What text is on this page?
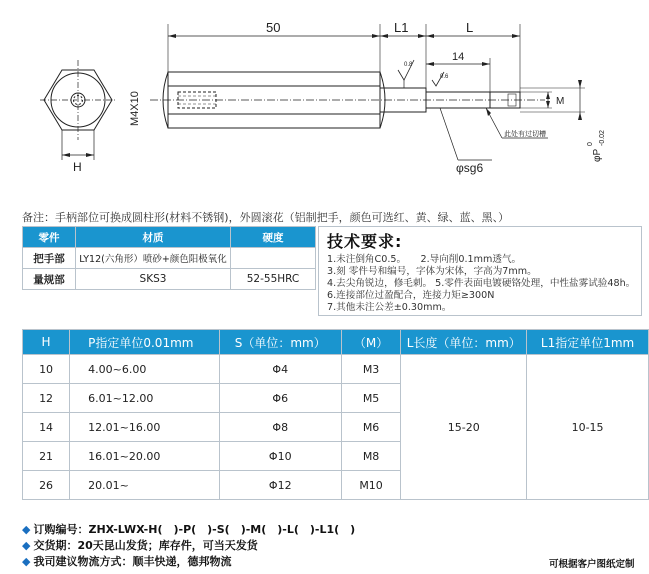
50	L1	L
14
H
M4X10	M
φsg6
φP
0 -0.02
0.8
0.6
此处有过切槽
备注：手柄部位可换成圆柱形(材料不锈钢)，外圆滚花（铝制把手，颜色可选红、黄、绿、蓝、黑、）
零件	材质	硬度
把手部	LY12(六角形）喷砂+颜色阳极氧化	
量规部	SKS3	52-55HRC
技术要求:
1.未注倒角C0.5。　　2.导向削0.1mm透气。
3.刻 零件号和编号，字体为宋体，字高为7mm。
4.去尖角锐边，修毛刺。 5.零件表面电镀硬铬处理，中性盐雾试验48h。
6.连接部位过盈配合，连接力矩≥300N
7.其他未注公差±0.30mm。
H	P指定单位0.01mm	S（单位：mm）	（M）	L长度（单位：mm）	L1指定单位1mm
10	4.00~6.00	Φ4	M3	15-20	10-15
12	6.01~12.00	Φ6	M5		
14	12.01~16.00	Φ8	M6		
21	16.01~20.00	Φ10	M8		
26	20.01~	Φ12	M10		
◆ 订购编号：ZHX-LWX-H(　)-P(　)-S(　)-M(　)-L(　)-L1(　)
◆ 交货期：20天昆山发货；库存件，可当天发货
◆ 我司建议物流方式：顺丰快递，德邦物流	可根据客户图纸定制
